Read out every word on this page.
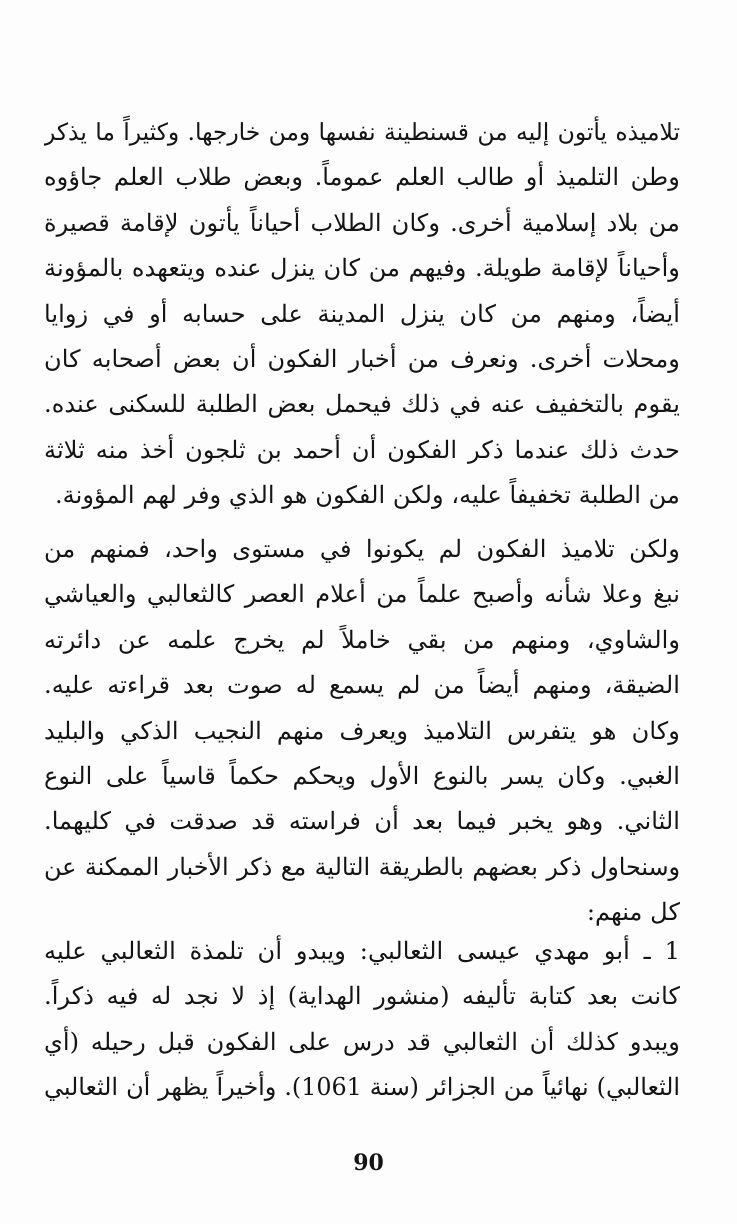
تلاميذه يأتون إليه من قسنطينة نفسها ومن خارجها. وكثيراً ما يذكر
وطن التلميذ أو طالب العلم عموماً. وبعض طلاب العلم جاؤوه
من بلاد إسلامية أخرى. وكان الطلاب أحياناً يأتون لإقامة قصيرة
وأحياناً لإقامة طويلة. وفيهم من كان ينزل عنده ويتعهده بالمؤونة
أيضاً، ومنهم من كان ينزل المدينة على حسابه أو في زوايا
ومحلات أخرى. ونعرف من أخبار الفكون أن بعض أصحابه كان
يقوم بالتخفيف عنه في ذلك فيحمل بعض الطلبة للسكنى عنده.
حدث ذلك عندما ذكر الفكون أن أحمد بن ثلجون أخذ منه ثلاثة
من الطلبة تخفيفاً عليه، ولكن الفكون هو الذي وفر لهم المؤونة.
ولكن تلاميذ الفكون لم يكونوا في مستوى واحد، فمنهم من
نبغ وعلا شأنه وأصبح علماً من أعلام العصر كالثعالبي والعياشي
والشاوي، ومنهم من بقي خاملاً لم يخرج علمه عن دائرته
الضيقة، ومنهم أيضاً من لم يسمع له صوت بعد قراءته عليه.
وكان هو يتفرس التلاميذ ويعرف منهم النجيب الذكي والبليد
الغبي. وكان يسر بالنوع الأول ويحكم حكماً قاسياً على النوع
الثاني. وهو يخبر فيما بعد أن فراسته قد صدقت في كليهما.
وسنحاول ذكر بعضهم بالطريقة التالية مع ذكر الأخبار الممكنة عن
كل منهم:
1 ـ أبو مهدي عيسى الثعالبي: ويبدو أن تلمذة الثعالبي عليه
كانت بعد كتابة تأليفه (منشور الهداية) إذ لا نجد له فيه ذكراً.
ويبدو كذلك أن الثعالبي قد درس على الفكون قبل رحيله (أي
الثعالبي) نهائياً من الجزائر (سنة 1061). وأخيراً يظهر أن الثعالبي
90
